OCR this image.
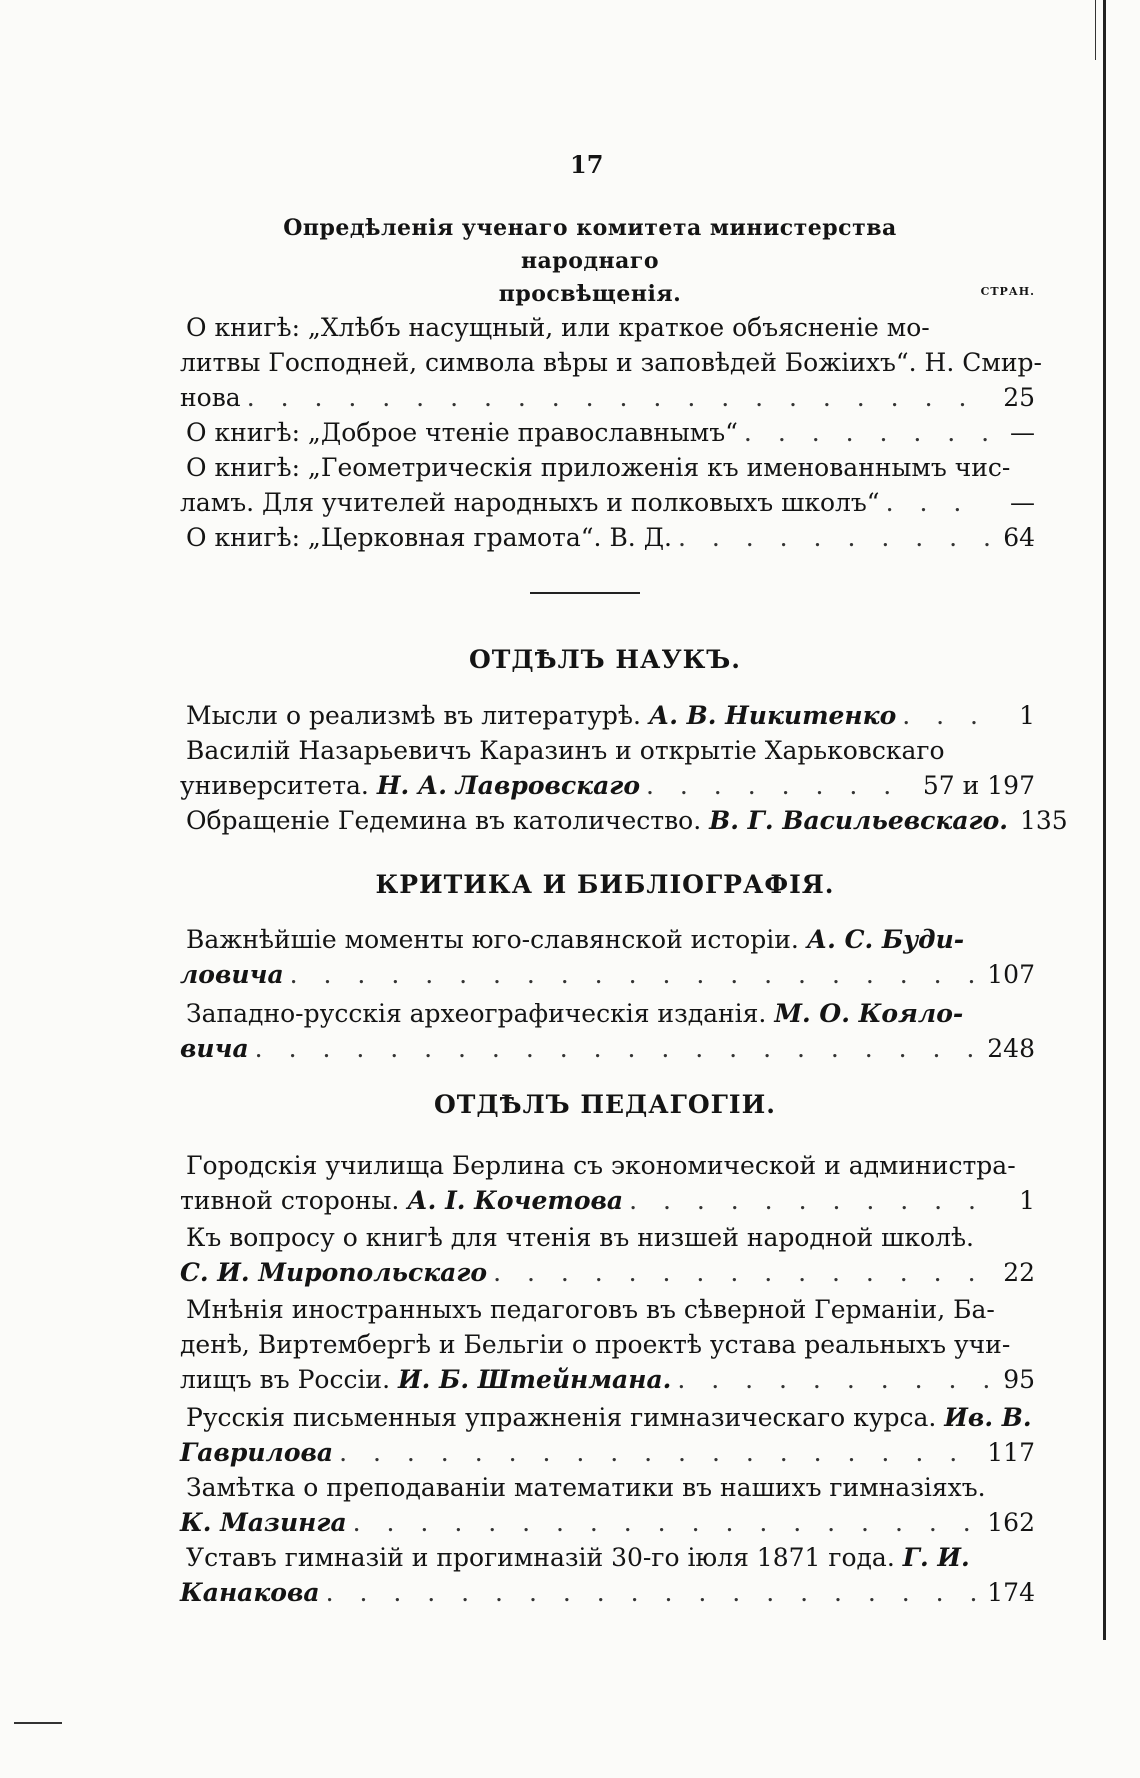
17
Опредѣленія ученаго комитета министерства народнаго
просвѣщенія.	СТРАН.
О книгѣ: „Хлѣбъ насущный, или краткое объясненіе мо-
литвы Господней, символа вѣры и заповѣдей Божіихъ“. Н. Смир-
нова . . .	25
О книгѣ: „Доброе чтеніе православнымъ“ . . .	—
О книгѣ: „Геометрическія приложенія къ именованнымъ чис-
ламъ. Для учителей народныхъ и полковыхъ школъ“ . . .	—
О книгѣ: „Церковная грамота“. В. Д. . . .	64
ОТДѢЛЪ НАУКЪ.
Мысли о реализмѣ въ литературѣ.
А. В. Никитенко . . .	1
Василій Назарьевичъ Каразинъ и открытіе Харьковскаго
университета.
Н. А. Лавровскаго . . .	57 и 197
Обращеніе Гедемина въ католичество.
В. Г. Васильевскаго. 135
КРИТИКА И БИБЛІОГРАФІЯ.
Важнѣйшіе моменты юго-славянской исторіи.
А. С. Буди-
ловича . . .	107
Западно-русскія археографическія изданія.
М. О. Кояло-
вича . . .	248
ОТДѢЛЪ ПЕДАГОГІИ.
Городскія училища Берлина съ экономической и администра-
тивной стороны.
А. І. Кочетова . . .	1
Къ вопросу о книгѣ для чтенія въ низшей народной школѣ.
С. И. Миропольскаго . . .	22
Мнѣнія иностранныхъ педагоговъ въ сѣверной Германіи, Ба-
денѣ, Виртембергѣ и Бельгіи о проектѣ устава реальныхъ учи-
лищъ въ Россіи.
И. Б. Штейнмана. . . .	95
Русскія письменныя упражненія гимназическаго курса.
Ив. В.
Гаврилова . . .	117
Замѣтка о преподаваніи математики въ нашихъ гимназіяхъ.
К. Мазинга . . .	162
Уставъ гимназій и прогимназій 30-го іюля 1871 года.
Г. И.
Канакова . . .	174
